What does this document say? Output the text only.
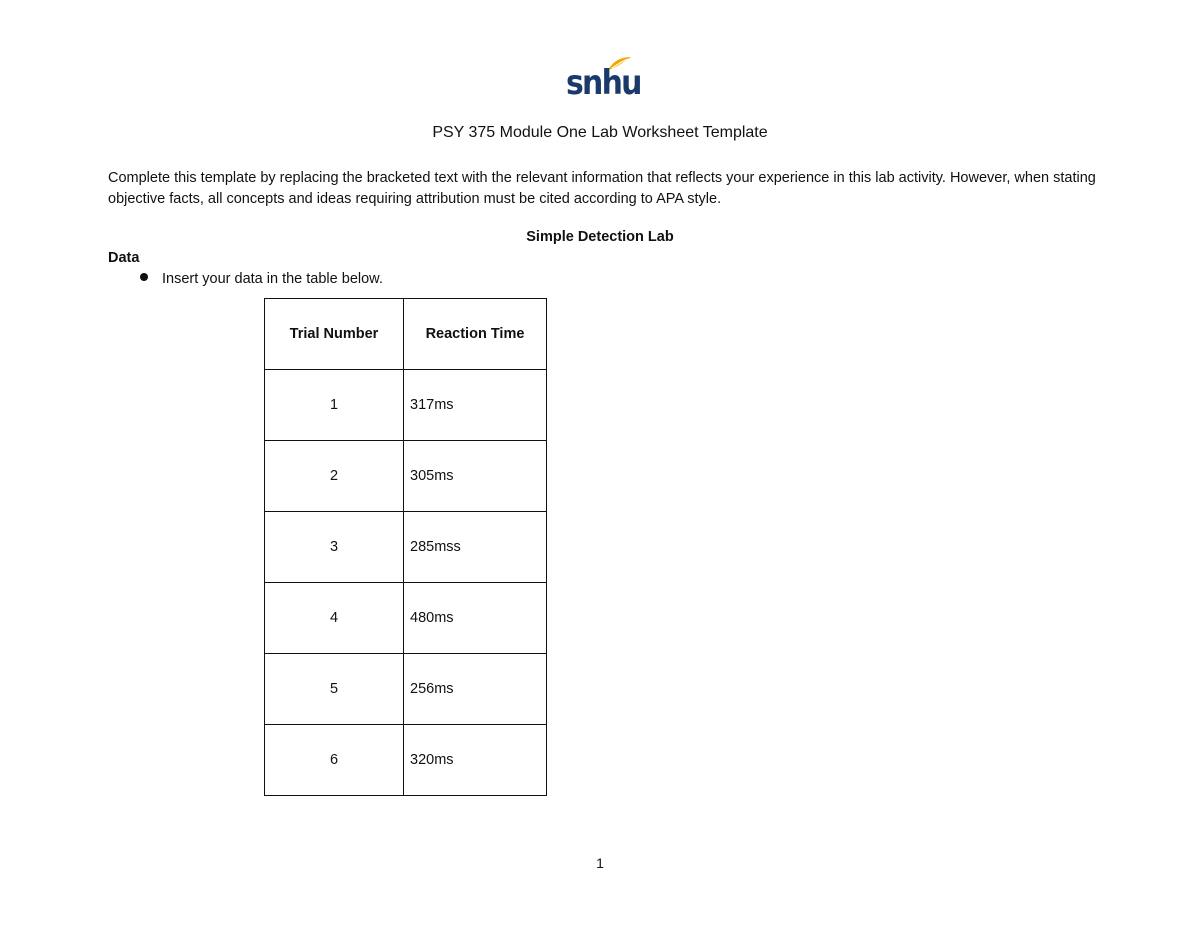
snhu
PSY 375 Module One Lab Worksheet Template
Complete this template by replacing the bracketed text with the relevant information that reflects your experience in this lab activity. However, when stating objective facts, all concepts and ideas requiring attribution must be cited according to APA style.
Simple Detection Lab
Data
Insert your data in the table below.
Trial Number	Reaction Time
1	317ms
2	305ms
3	285mss
4	480ms
5	256ms
6	320ms
1
